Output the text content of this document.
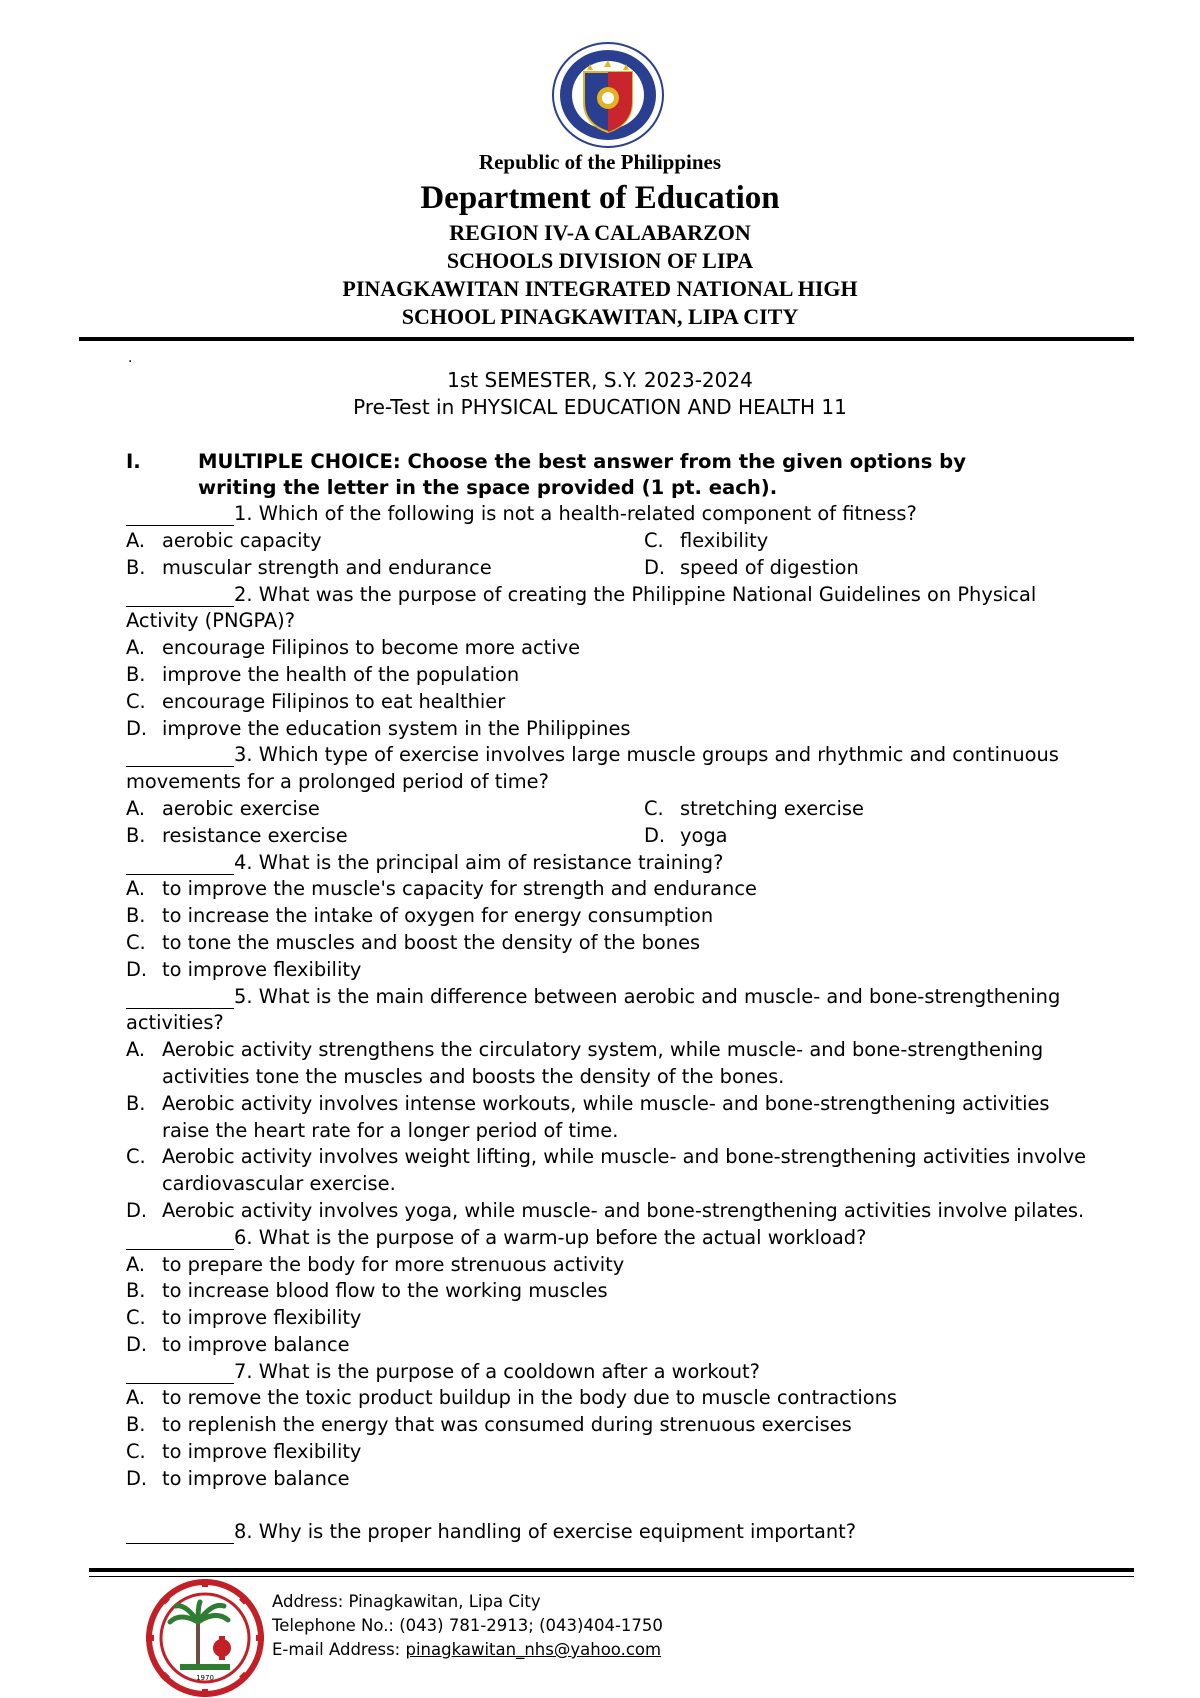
Republic of the Philippines
Department of Education
REGION IV-A CALABARZON
SCHOOLS DIVISION OF LIPA
PINAGKAWITAN INTEGRATED NATIONAL HIGH
SCHOOL PINAGKAWITAN, LIPA CITY
.
1st SEMESTER, S.Y. 2023-2024
Pre-Test in PHYSICAL EDUCATION AND HEALTH 11
I.	MULTIPLE CHOICE: Choose the best answer from the given options by
writing the letter in the space provided (1 pt. each).
1. Which of the following is not a health-related component of fitness?
A. aerobic capacity	C. flexibility
B. muscular strength and endurance	D. speed of digestion
2. What was the purpose of creating the Philippine National Guidelines on Physical Activity (PNGPA)?
A. encourage Filipinos to become more active
B. improve the health of the population
C. encourage Filipinos to eat healthier
D. improve the education system in the Philippines
3. Which type of exercise involves large muscle groups and rhythmic and continuous movements for a prolonged period of time?
A. aerobic exercise	C. stretching exercise
B. resistance exercise	D. yoga
4. What is the principal aim of resistance training?
A. to improve the muscle's capacity for strength and endurance
B. to increase the intake of oxygen for energy consumption
C. to tone the muscles and boost the density of the bones
D. to improve flexibility
5. What is the main difference between aerobic and muscle- and bone-strengthening activities?
A. Aerobic activity strengthens the circulatory system, while muscle- and bone-strengthening activities tone the muscles and boosts the density of the bones.
B. Aerobic activity involves intense workouts, while muscle- and bone-strengthening activities raise the heart rate for a longer period of time.
C. Aerobic activity involves weight lifting, while muscle- and bone-strengthening activities involve cardiovascular exercise.
D. Aerobic activity involves yoga, while muscle- and bone-strengthening activities involve pilates.
6. What is the purpose of a warm-up before the actual workload?
A. to prepare the body for more strenuous activity
B. to increase blood flow to the working muscles
C. to improve flexibility
D. to improve balance
7. What is the purpose of a cooldown after a workout?
A. to remove the toxic product buildup in the body due to muscle contractions
B. to replenish the energy that was consumed during strenuous exercises
C. to improve flexibility
D. to improve balance
8. Why is the proper handling of exercise equipment important?
1970
Address: Pinagkawitan, Lipa City
Telephone No.: (043) 781-2913; (043)404-1750
E-mail Address: pinagkawitan_nhs@yahoo.com
